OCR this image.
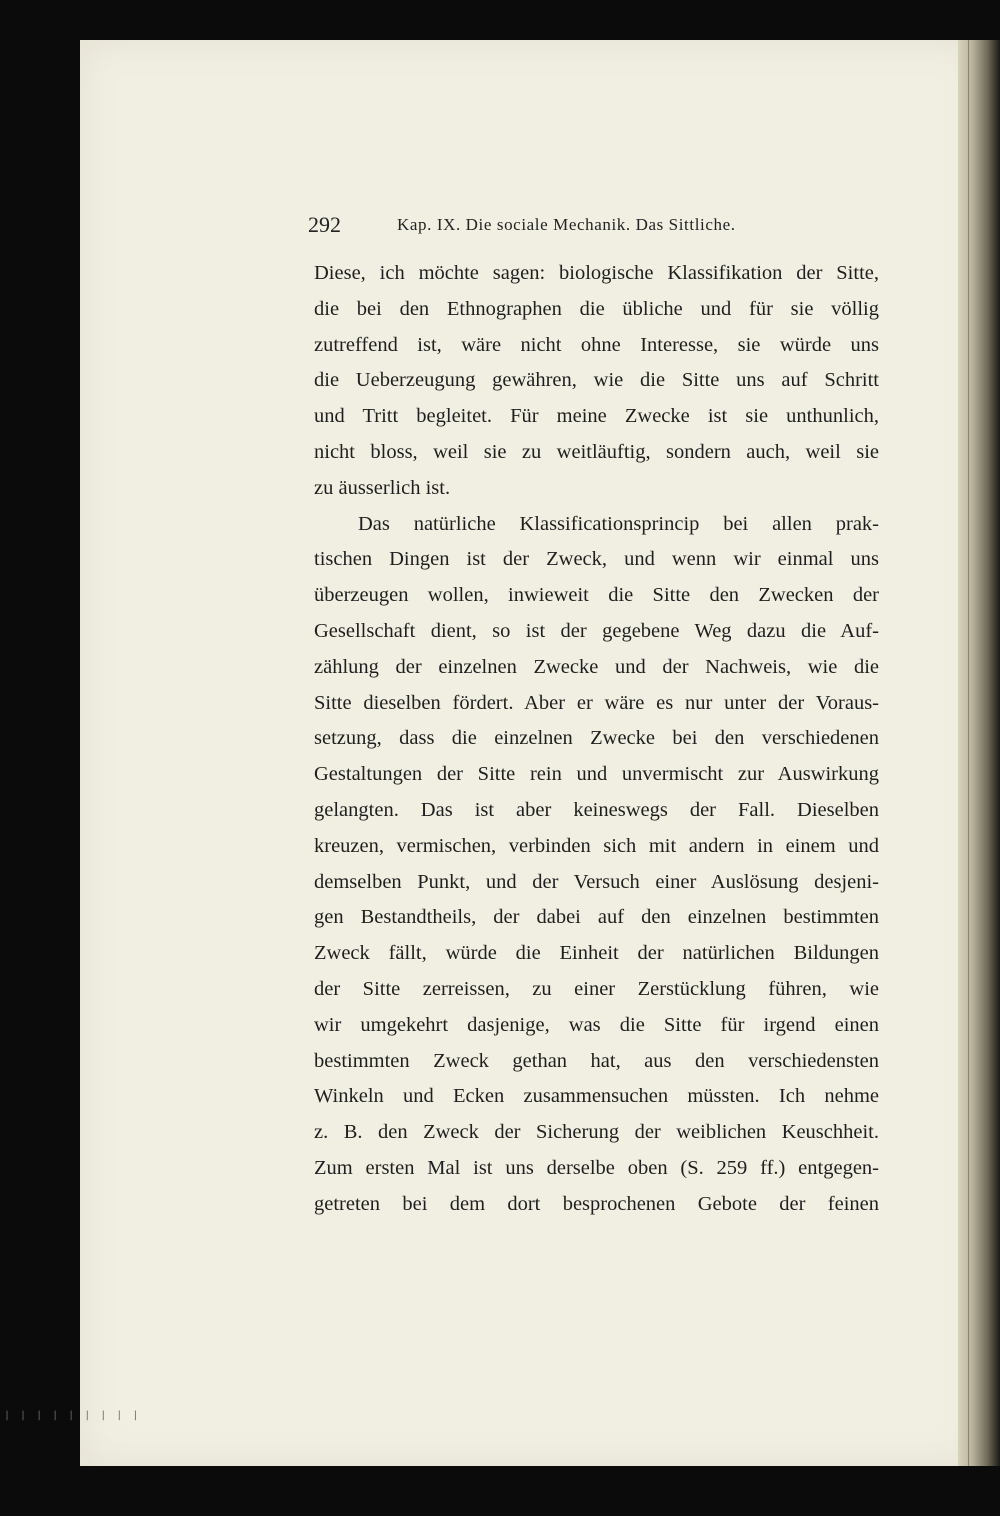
| | | | | | | | |
292	Kap. IX. Die sociale Mechanik. Das Sittliche.
Diese, ich möchte sagen: biologische Klassifikation der Sitte,
die bei den Ethnographen die übliche und für sie völlig
zutreffend ist, wäre nicht ohne Interesse, sie würde uns
die Ueberzeugung gewähren, wie die Sitte uns auf Schritt
und Tritt begleitet. Für meine Zwecke ist sie unthunlich,
nicht bloss, weil sie zu weitläuftig, sondern auch, weil sie
zu äusserlich ist.
Das natürliche Klassificationsprincip bei allen prak-
tischen Dingen ist der Zweck, und wenn wir einmal uns
überzeugen wollen, inwieweit die Sitte den Zwecken der
Gesellschaft dient, so ist der gegebene Weg dazu die Auf-
zählung der einzelnen Zwecke und der Nachweis, wie die
Sitte dieselben fördert. Aber er wäre es nur unter der Voraus-
setzung, dass die einzelnen Zwecke bei den verschiedenen
Gestaltungen der Sitte rein und unvermischt zur Auswirkung
gelangten. Das ist aber keineswegs der Fall. Dieselben
kreuzen, vermischen, verbinden sich mit andern in einem und
demselben Punkt, und der Versuch einer Auslösung desjeni-
gen Bestandtheils, der dabei auf den einzelnen bestimmten
Zweck fällt, würde die Einheit der natürlichen Bildungen
der Sitte zerreissen, zu einer Zerstücklung führen, wie
wir umgekehrt dasjenige, was die Sitte für irgend einen
bestimmten Zweck gethan hat, aus den verschiedensten
Winkeln und Ecken zusammensuchen müssten. Ich nehme
z. B. den Zweck der Sicherung der weiblichen Keuschheit.
Zum ersten Mal ist uns derselbe oben (S. 259 ff.) entgegen-
getreten bei dem dort besprochenen Gebote der feinen
